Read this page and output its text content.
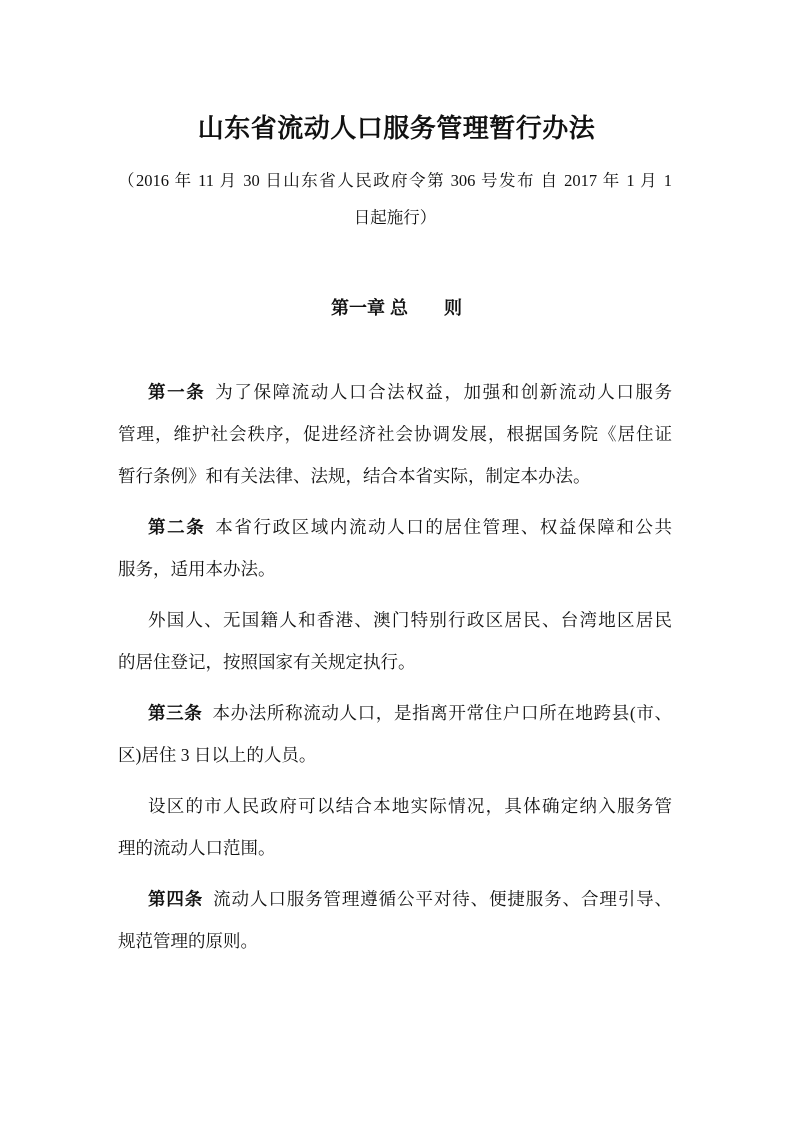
山东省流动人口服务管理暂行办法
（2016 年 11 月 30 日山东省人民政府令第 306 号发布 自 2017 年 1 月 1
日起施行）
第一章 总　　则
第一条 为了保障流动人口合法权益，加强和创新流动人口服务
管理，维护社会秩序，促进经济社会协调发展，根据国务院《居住证
暂行条例》和有关法律、法规，结合本省实际，制定本办法。
第二条 本省行政区域内流动人口的居住管理、权益保障和公共
服务，适用本办法。
外国人、无国籍人和香港、澳门特别行政区居民、台湾地区居民
的居住登记，按照国家有关规定执行。
第三条 本办法所称流动人口，是指离开常住户口所在地跨县(市、
区)居住 3 日以上的人员。
设区的市人民政府可以结合本地实际情况，具体确定纳入服务管
理的流动人口范围。
第四条 流动人口服务管理遵循公平对待、便捷服务、合理引导、
规范管理的原则。
